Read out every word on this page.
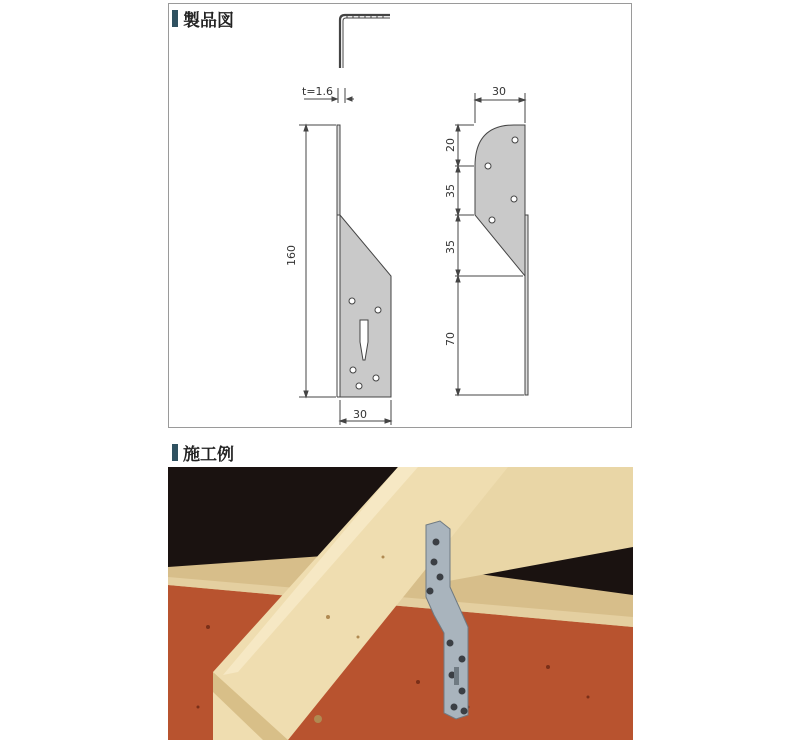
製品図
t=1.6
30
160
30
20
35
35
70
施工例
